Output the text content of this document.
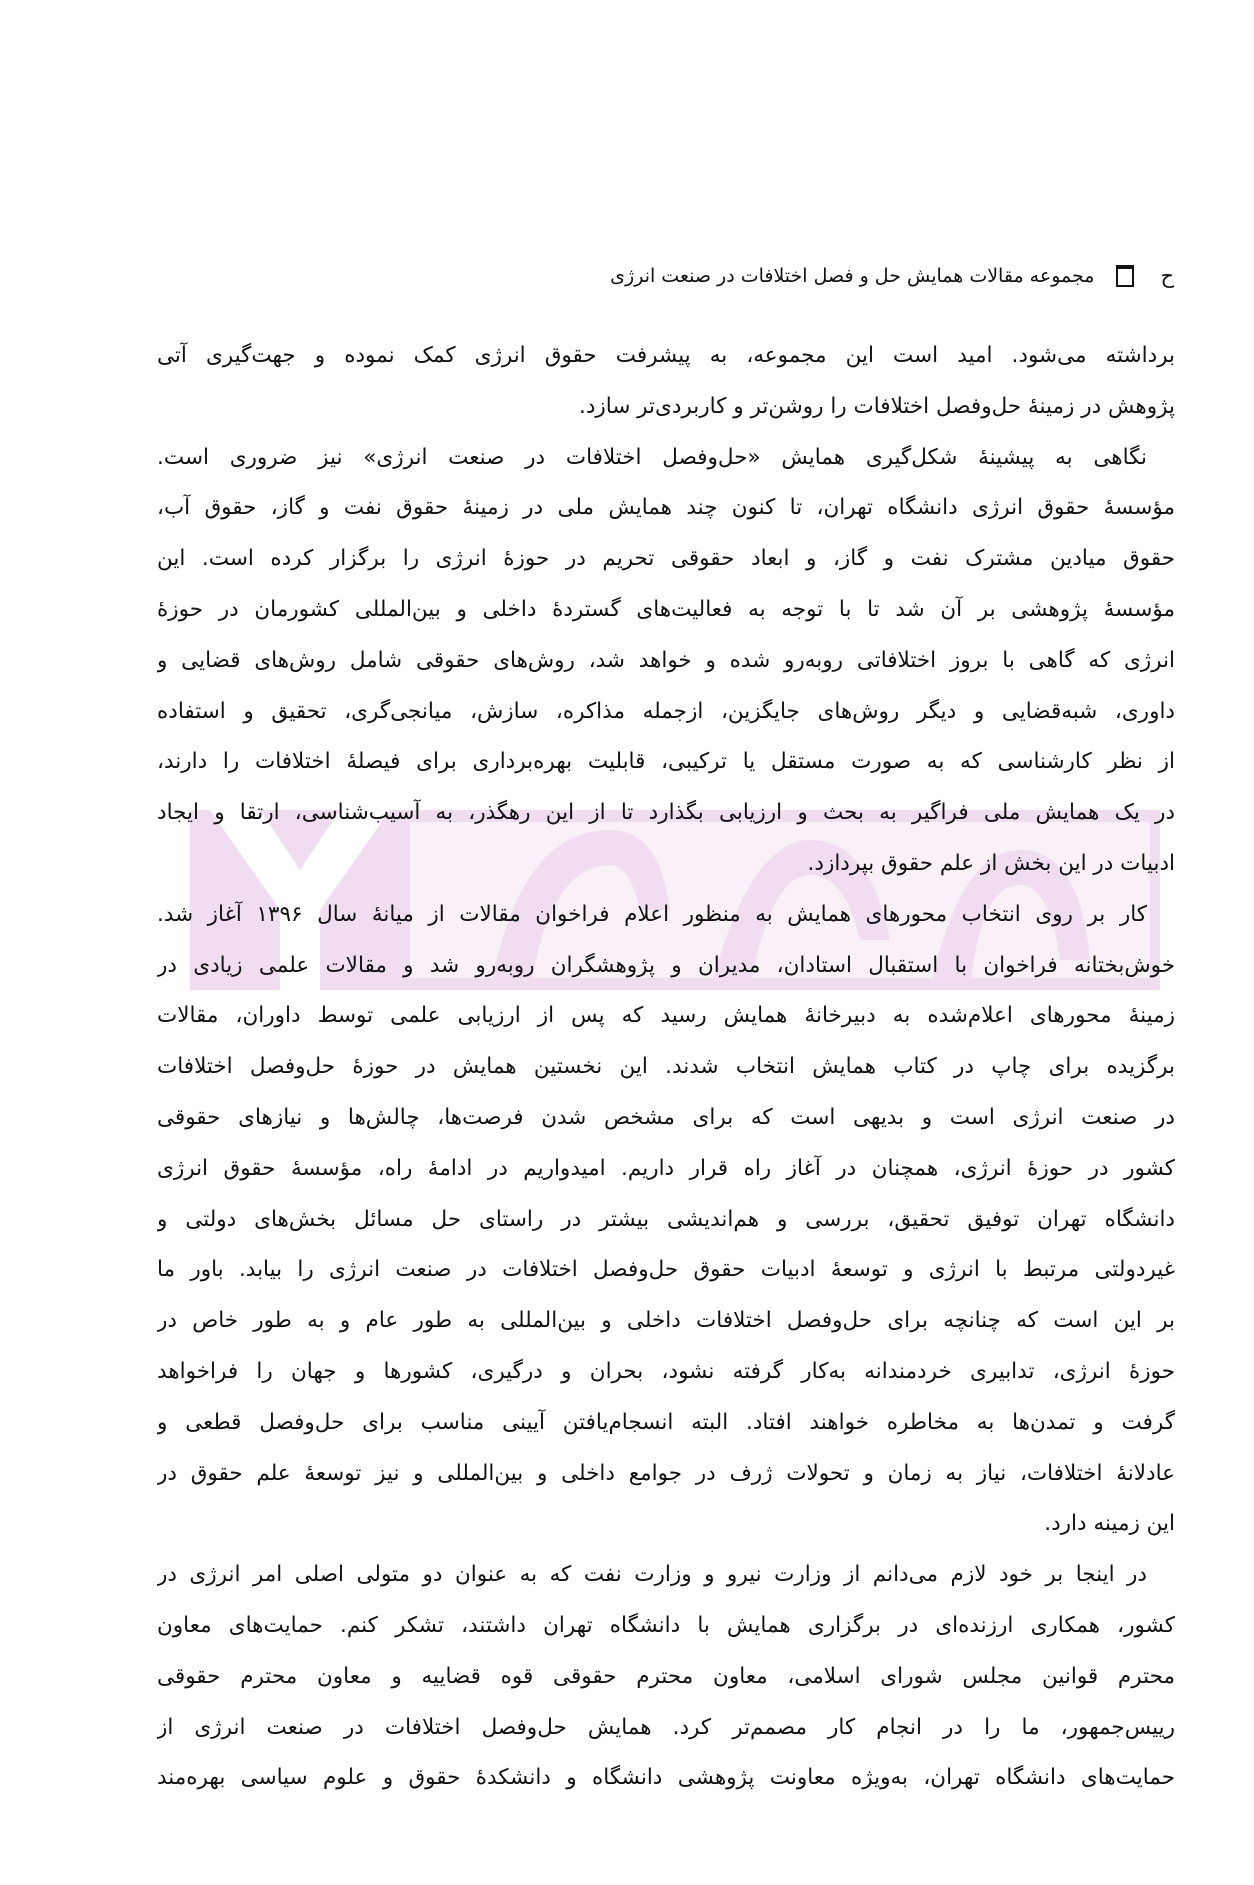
ح
مجموعه مقالات همایش حل و فصل اختلافات در صنعت انرژی
برداشته می‌شود. امید است این مجموعه، به پیشرفت حقوق انرژی کمک نموده و جهت‌گیری آتی
پژوهش در زمینهٔ حل‌وفصل اختلافات را روشن‌تر و کاربردی‌تر سازد.
نگاهی به پیشینهٔ شکل‌گیری همایش «حل‌وفصل اختلافات در صنعت انرژی» نیز ضروری است.
مؤسسهٔ حقوق انرژی دانشگاه تهران، تا کنون چند همایش ملی در زمینهٔ حقوق نفت و گاز، حقوق آب،
حقوق میادین مشترک نفت و گاز، و ابعاد حقوقی تحریم در حوزهٔ انرژی را برگزار کرده است. این
مؤسسهٔ پژوهشی بر آن شد تا با توجه به فعالیت‌های گستردهٔ داخلی و بین‌المللی کشورمان در حوزهٔ
انرژی که گاهی با بروز اختلافاتی روبه‌رو شده و خواهد شد، روش‌های حقوقی شامل روش‌های قضایی و
داوری، شبه‌قضایی و دیگر روش‌های جایگزین، ازجمله مذاکره، سازش، میانجی‌گری، تحقیق و استفاده
از نظر کارشناسی که به صورت مستقل یا ترکیبی، قابلیت بهره‌برداری برای فیصلهٔ اختلافات را دارند،
در یک همایش ملی فراگیر به بحث و ارزیابی بگذارد تا از این رهگذر، به آسیب‌شناسی، ارتقا و ایجاد
ادبیات در این بخش از علم حقوق بپردازد.
کار بر روی انتخاب محورهای همایش به منظور اعلام فراخوان مقالات از میانهٔ سال ۱۳۹۶ آغاز شد.
خوش‌بختانه فراخوان با استقبال استادان، مدیران و پژوهشگران روبه‌رو شد و مقالات علمی زیادی در
زمینهٔ محورهای اعلام‌شده به دبیرخانهٔ همایش رسید که پس از ارزیابی علمی توسط داوران، مقالات
برگزیده برای چاپ در کتاب همایش انتخاب شدند. این نخستین همایش در حوزهٔ حل‌وفصل اختلافات
در صنعت انرژی است و بدیهی است که برای مشخص شدن فرصت‌ها، چالش‌ها و نیازهای حقوقی
کشور در حوزهٔ انرژی، همچنان در آغاز راه قرار داریم. امیدواریم در ادامهٔ راه، مؤسسهٔ حقوق انرژی
دانشگاه تهران توفیق تحقیق، بررسی و هم‌اندیشی بیشتر در راستای حل مسائل بخش‌های دولتی و
غیردولتی مرتبط با انرژی و توسعهٔ ادبیات حقوق حل‌وفصل اختلافات در صنعت انرژی را بیابد. باور ما
بر این است که چنانچه برای حل‌وفصل اختلافات داخلی و بین‌المللی به طور عام و به طور خاص در
حوزهٔ انرژی، تدابیری خردمندانه به‌کار گرفته نشود، بحران و درگیری، کشورها و جهان را فراخواهد
گرفت و تمدن‌ها به مخاطره خواهند افتاد. البته انسجام‌یافتن آیینی مناسب برای حل‌وفصل قطعی و
عادلانهٔ اختلافات، نیاز به زمان و تحولات ژرف در جوامع داخلی و بین‌المللی و نیز توسعهٔ علم حقوق در
این زمینه دارد.
در اینجا بر خود لازم می‌دانم از وزارت نیرو و وزارت نفت که به عنوان دو متولی اصلی امر انرژی در
کشور، همکاری ارزنده‌ای در برگزاری همایش با دانشگاه تهران داشتند، تشکر کنم. حمایت‌های معاون
محترم قوانین مجلس شورای اسلامی، معاون محترم حقوقی قوه قضاییه و معاون محترم حقوقی
رییس‌جمهور، ما را در انجام کار مصمم‌تر کرد. همایش حل‌وفصل اختلافات در صنعت انرژی از
حمایت‌های دانشگاه تهران، به‌ویژه معاونت پژوهشی دانشگاه و دانشکدهٔ حقوق و علوم سیاسی بهره‌مند
